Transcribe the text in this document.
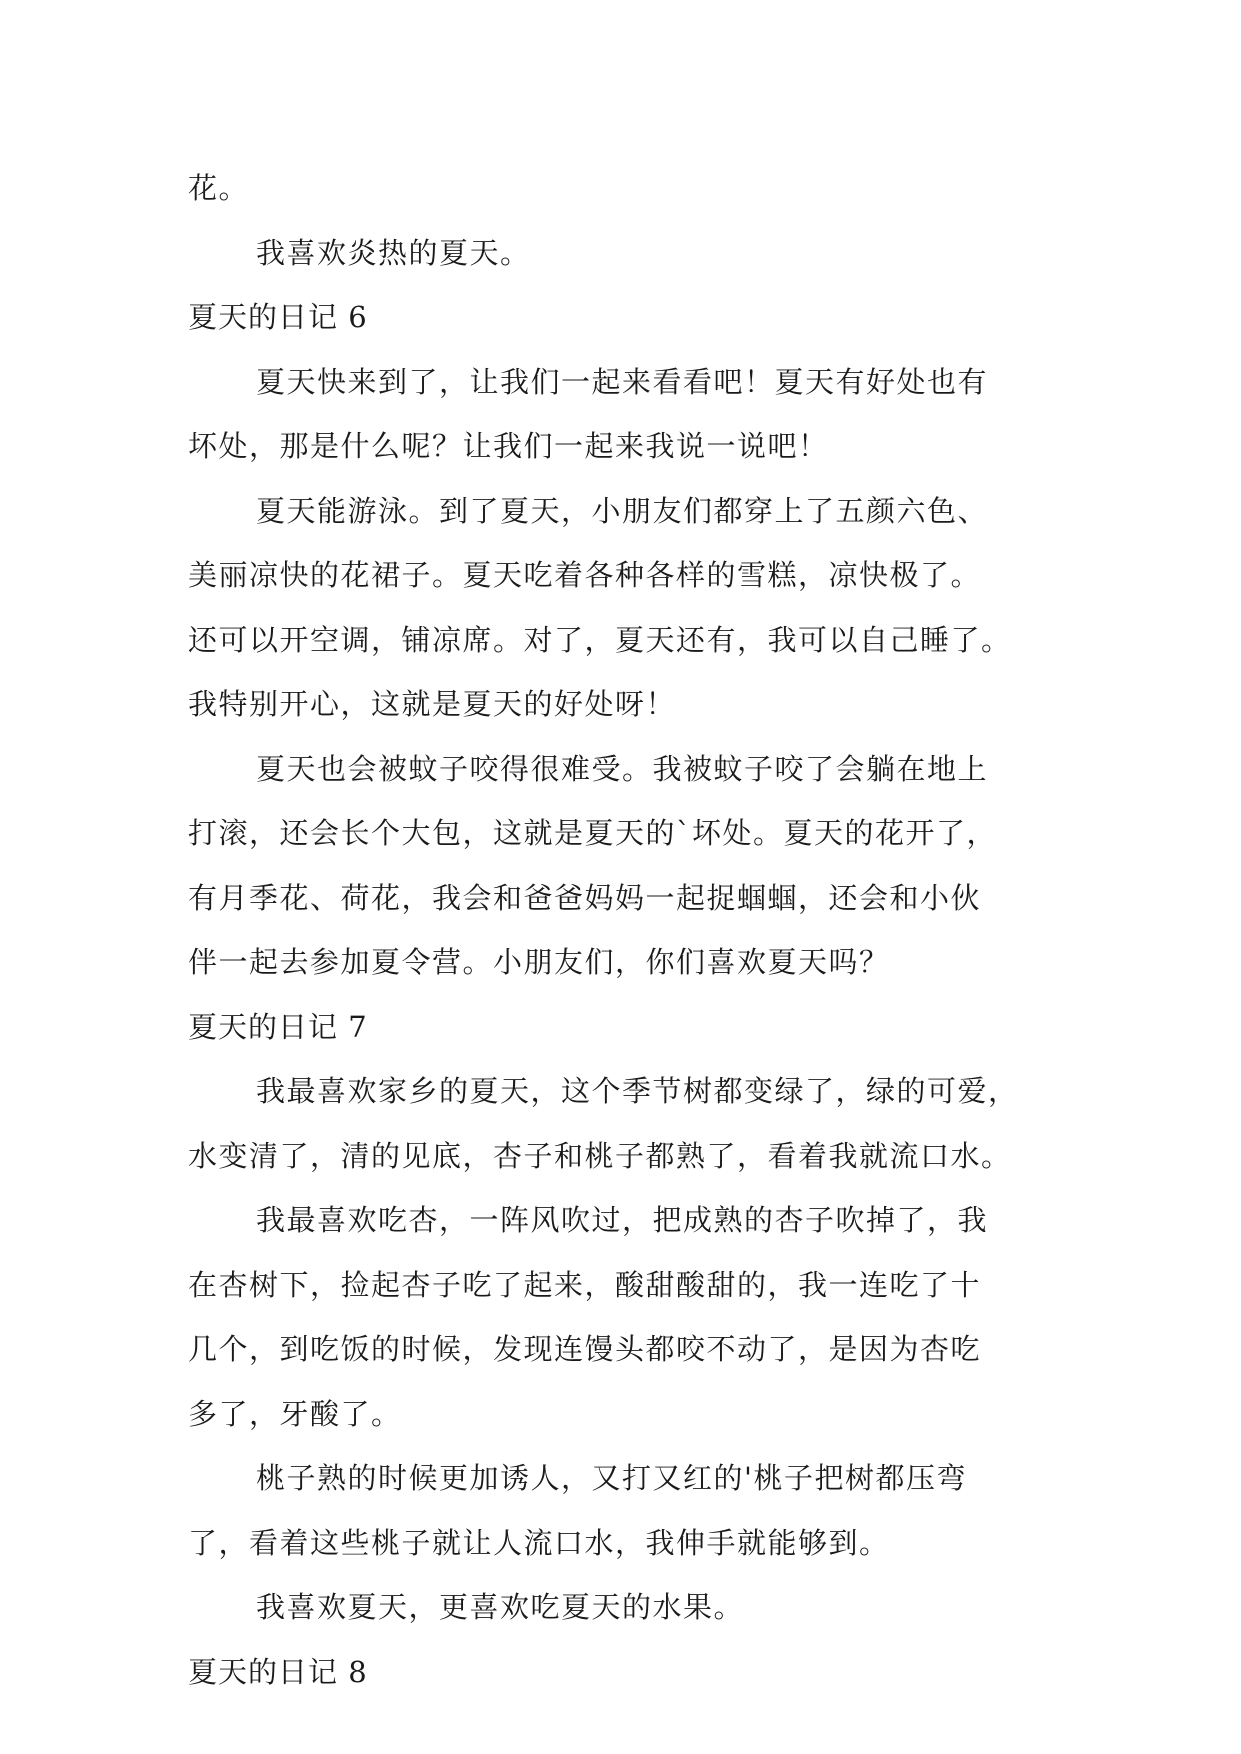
花。

我喜欢炎热的夏天。

夏天的日记 6

夏天快来到了，让我们一起来看看吧！夏天有好处也有

坏处，那是什么呢？让我们一起来我说一说吧！

夏天能游泳。到了夏天，小朋友们都穿上了五颜六色、

美丽凉快的花裙子。夏天吃着各种各样的雪糕，凉快极了。

还可以开空调，铺凉席。对了，夏天还有，我可以自己睡了。

我特别开心，这就是夏天的好处呀！

夏天也会被蚊子咬得很难受。我被蚊子咬了会躺在地上

打滚，还会长个大包，这就是夏天的`坏处。夏天的花开了，

有月季花、荷花，我会和爸爸妈妈一起捉蝈蝈，还会和小伙

伴一起去参加夏令营。小朋友们，你们喜欢夏天吗？

夏天的日记 7

我最喜欢家乡的夏天，这个季节树都变绿了，绿的可爱，

水变清了，清的见底，杏子和桃子都熟了，看着我就流口水。

我最喜欢吃杏，一阵风吹过，把成熟的杏子吹掉了，我

在杏树下，捡起杏子吃了起来，酸甜酸甜的，我一连吃了十

几个，到吃饭的时候，发现连馒头都咬不动了，是因为杏吃

多了，牙酸了。

桃子熟的时候更加诱人，又打又红的'桃子把树都压弯

了，看着这些桃子就让人流口水，我伸手就能够到。

我喜欢夏天，更喜欢吃夏天的水果。

夏天的日记 8
